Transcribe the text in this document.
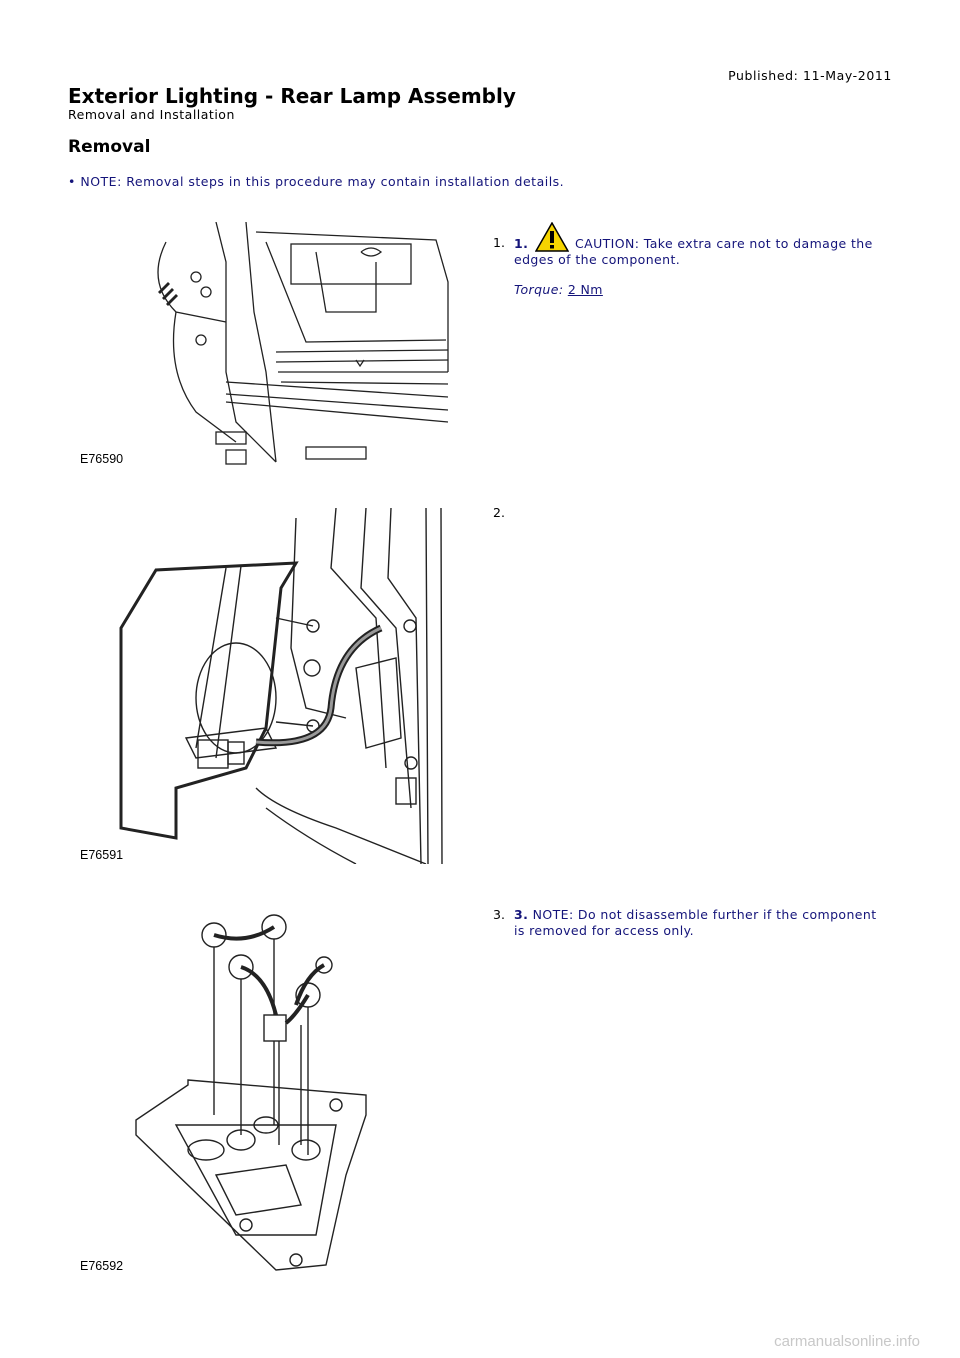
Published: 11-May-2011
Exterior Lighting - Rear Lamp Assembly
Removal and Installation
Removal
• NOTE: Removal steps in this procedure may contain installation details.
E76590
1. 1.	CAUTION: Take extra care not to damage the edges of the component.
Torque: 2 Nm
E76591
2.
E76592
3. 3. NOTE: Do not disassemble further if the component is removed for access only.
carmanualsonline.info
